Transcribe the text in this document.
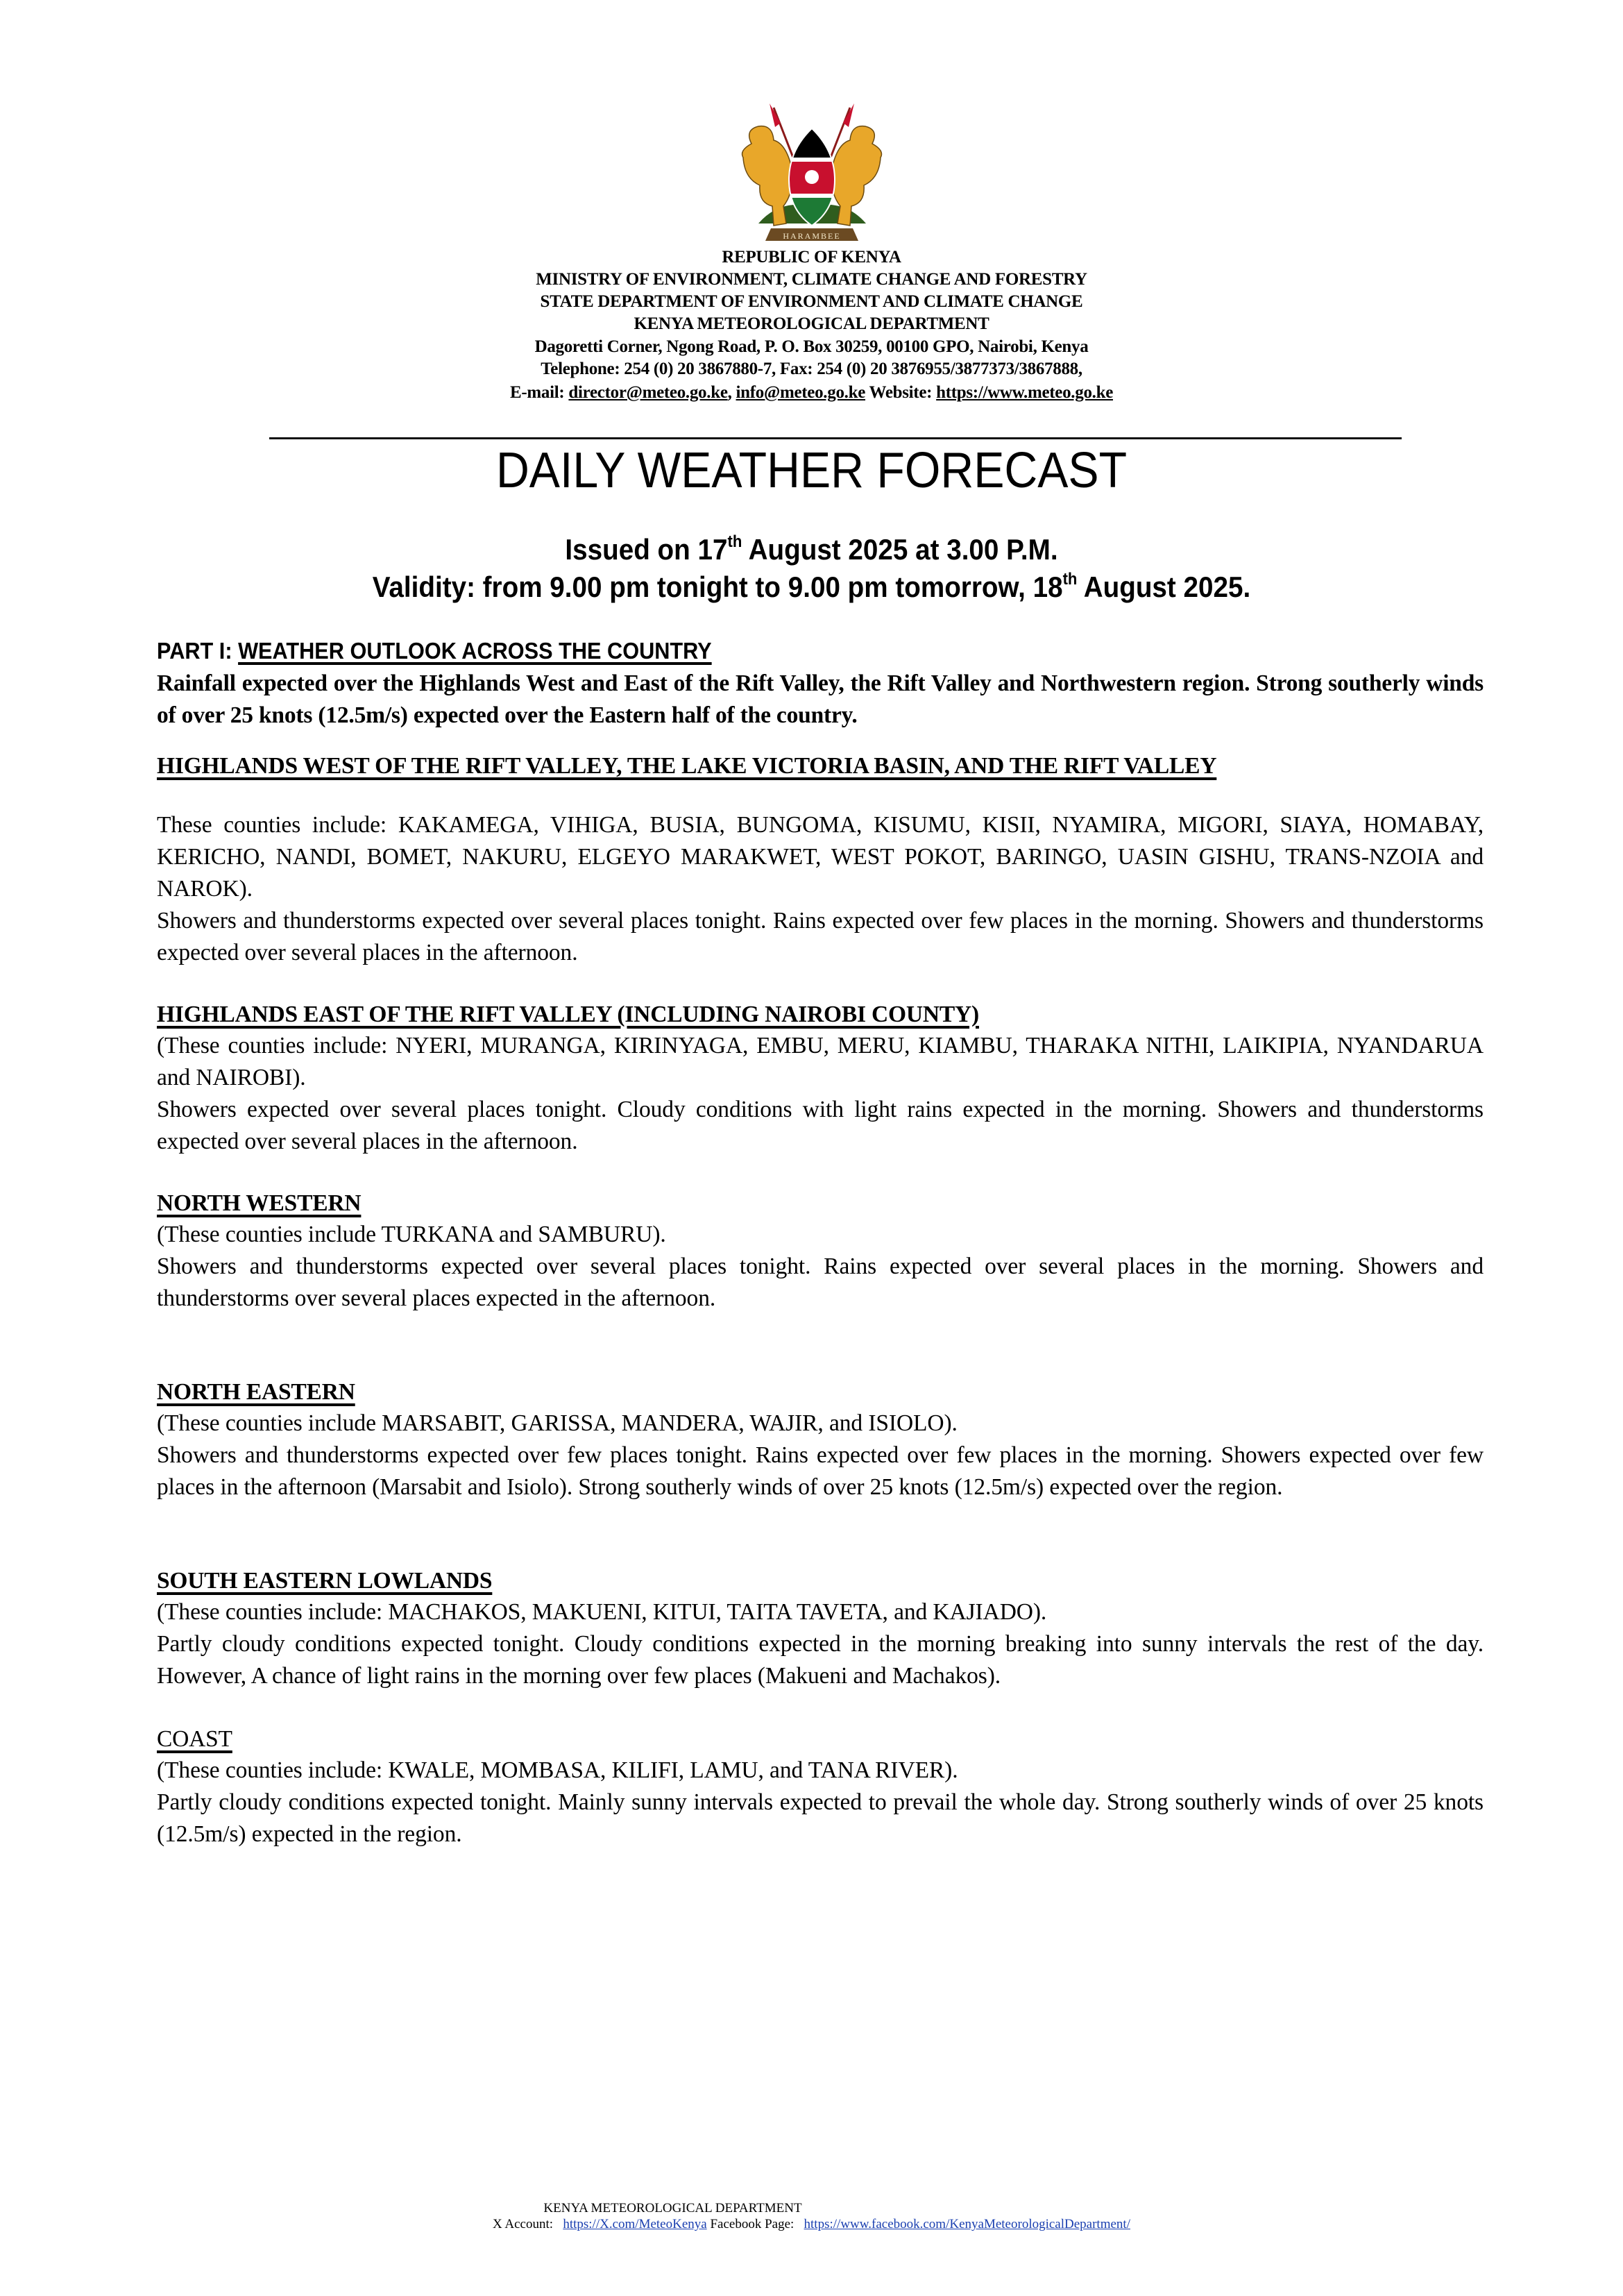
HARAMBEE
REPUBLIC OF KENYA
MINISTRY OF ENVIRONMENT, CLIMATE CHANGE AND FORESTRY
STATE DEPARTMENT OF ENVIRONMENT AND CLIMATE CHANGE
KENYA METEOROLOGICAL DEPARTMENT
Dagoretti Corner, Ngong Road, P. O. Box 30259, 00100 GPO, Nairobi, Kenya
Telephone: 254 (0) 20 3867880-7, Fax: 254 (0) 20 3876955/3877373/3867888,
E-mail: director@meteo.go.ke, info@meteo.go.ke Website: https://www.meteo.go.ke
DAILY WEATHER FORECAST
Issued on 17th August 2025 at 3.00 P.M.
Validity: from 9.00 pm tonight to 9.00 pm tomorrow, 18th August 2025.
PART I: WEATHER OUTLOOK ACROSS THE COUNTRY
Rainfall expected over the Highlands West and East of the Rift Valley, the Rift Valley and Northwestern region. Strong southerly winds of over 25 knots (12.5m/s) expected over the Eastern half of the country.
HIGHLANDS WEST OF THE RIFT VALLEY, THE LAKE VICTORIA BASIN, AND THE RIFT VALLEY
These counties include: KAKAMEGA, VIHIGA, BUSIA, BUNGOMA, KISUMU, KISII, NYAMIRA, MIGORI, SIAYA, HOMABAY, KERICHO, NANDI, BOMET, NAKURU, ELGEYO MARAKWET, WEST POKOT, BARINGO, UASIN GISHU, TRANS-NZOIA and NAROK).
Showers and thunderstorms expected over several places tonight. Rains expected over few places in the morning. Showers and thunderstorms expected over several places in the afternoon.
HIGHLANDS EAST OF THE RIFT VALLEY (INCLUDING NAIROBI COUNTY)
(These counties include: NYERI, MURANGA, KIRINYAGA, EMBU, MERU, KIAMBU, THARAKA NITHI, LAIKIPIA, NYANDARUA and NAIROBI).
Showers expected over several places tonight. Cloudy conditions with light rains expected in the morning. Showers and thunderstorms expected over several places in the afternoon.
NORTH WESTERN
(These counties include TURKANA and SAMBURU).
Showers and thunderstorms expected over several places tonight. Rains expected over several places in the morning. Showers and thunderstorms over several places expected in the afternoon.
NORTH EASTERN
(These counties include MARSABIT, GARISSA, MANDERA, WAJIR, and ISIOLO).
Showers and thunderstorms expected over few places tonight. Rains expected over few places in the morning. Showers expected over few places in the afternoon (Marsabit and Isiolo). Strong southerly winds of over 25 knots (12.5m/s) expected over the region.
SOUTH EASTERN LOWLANDS
(These counties include: MACHAKOS, MAKUENI, KITUI, TAITA TAVETA, and KAJIADO).
Partly cloudy conditions expected tonight. Cloudy conditions expected in the morning breaking into sunny intervals the rest of the day. However, A chance of light rains in the morning over few places (Makueni and Machakos).
COAST
(These counties include: KWALE, MOMBASA, KILIFI, LAMU, and TANA RIVER).
Partly cloudy conditions expected tonight. Mainly sunny intervals expected to prevail the whole day. Strong southerly winds of over 25 knots (12.5m/s) expected in the region.
KENYA METEOROLOGICAL DEPARTMENT
X Account:   https://X.com/MeteoKenya Facebook Page:   https://www.facebook.com/KenyaMeteorologicalDepartment/
